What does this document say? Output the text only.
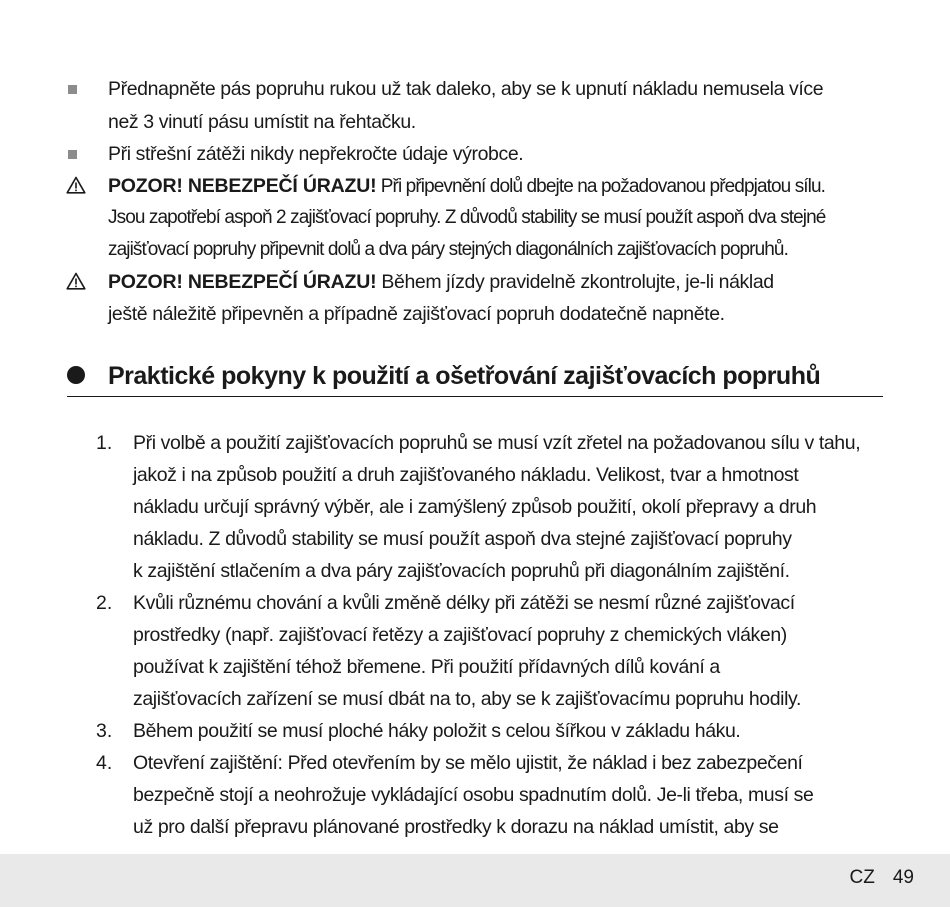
Přednapněte pás popruhu rukou už tak daleko, aby se k upnutí nákladu nemusela více
než 3 vinutí pásu umístit na řehtačku.
Při střešní zátěži nikdy nepřekročte údaje výrobce.
POZOR! NEBEZPEČÍ ÚRAZU! Při připevnění dolů dbejte na požadovanou předpjatou sílu.
Jsou zapotřebí aspoň 2 zajišťovací popruhy. Z důvodů stability se musí použít aspoň dva stejné
zajišťovací popruhy připevnit dolů a dva páry stejných diagonálních zajišťovacích popruhů.
POZOR! NEBEZPEČÍ ÚRAZU! Během jízdy pravidelně zkontrolujte, je-li náklad
ještě náležitě připevněn a případně zajišťovací popruh dodatečně napněte.
Praktické pokyny k použití a ošetřování zajišťovacích popruhů
1. Při volbě a použití zajišťovacích popruhů se musí vzít zřetel na požadovanou sílu v tahu,
jakož i na způsob použití a druh zajišťovaného nákladu. Velikost, tvar a hmotnost
nákladu určují správný výběr, ale i zamýšlený způsob použití, okolí přepravy a druh
nákladu. Z důvodů stability se musí použít aspoň dva stejné zajišťovací popruhy
k zajištění stlačením a dva páry zajišťovacích popruhů při diagonálním zajištění.
2. Kvůli různému chování a kvůli změně délky při zátěži se nesmí různé zajišťovací
prostředky (např. zajišťovací řetězy a zajišťovací popruhy z chemických vláken)
používat k zajištění téhož břemene. Při použití přídavných dílů kování a
zajišťovacích zařízení se musí dbát na to, aby se k zajišťovacímu popruhu hodily.
3. Během použití se musí ploché háky položit s celou šířkou v základu háku.
4. Otevření zajištění: Před otevřením by se mělo ujistit, že náklad i bez zabezpečení
bezpečně stojí a neohrožuje vykládající osobu spadnutím dolů. Je-li třeba, musí se
už pro další přepravu plánované prostředky k dorazu na náklad umístit, aby se
CZ 49
